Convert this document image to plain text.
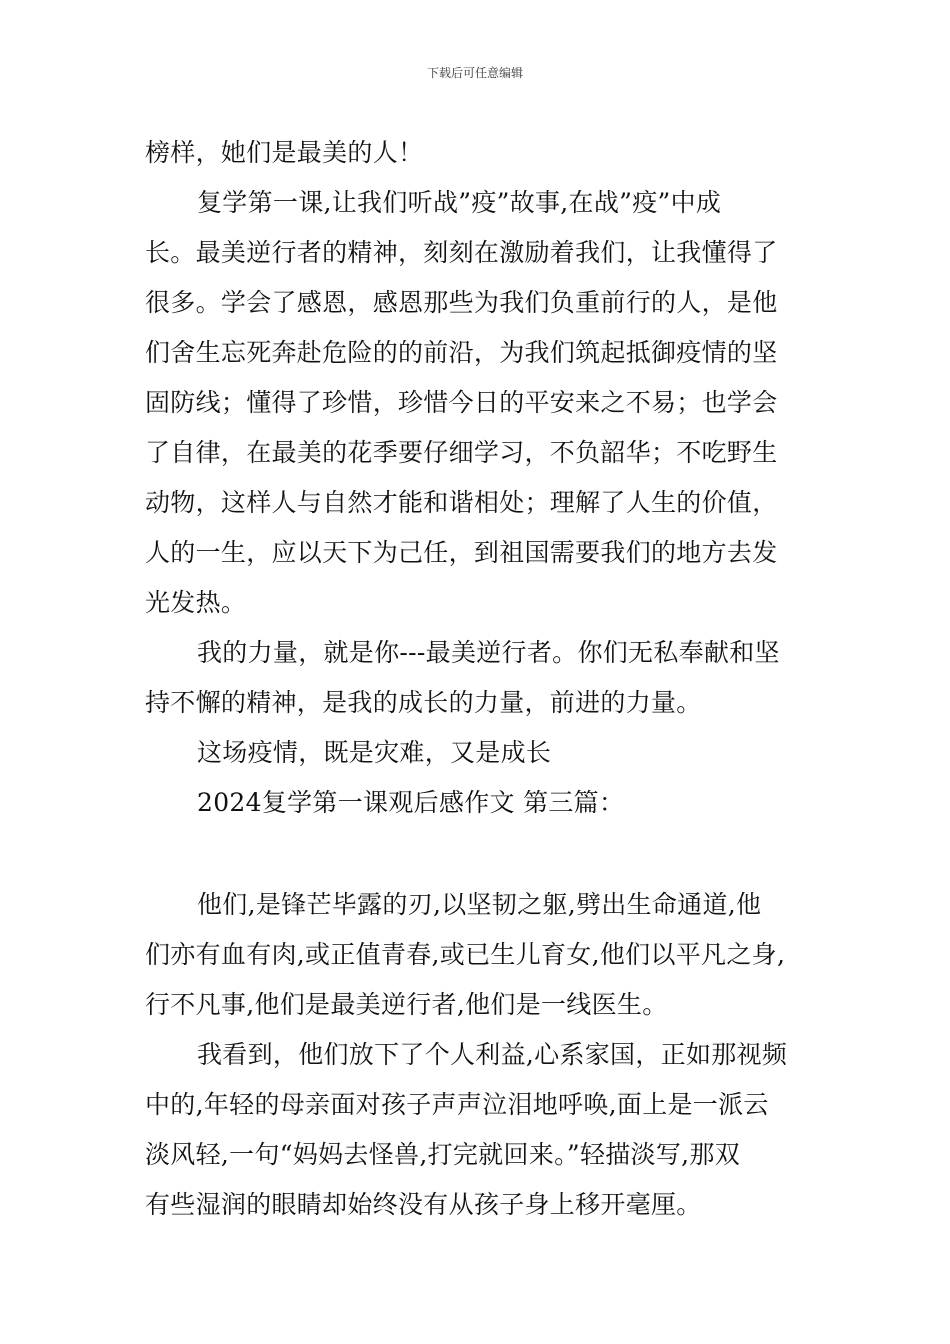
下载后可任意编辑
榜样，她们是最美的人！
复学第一课,让我们听战”疫”故事,在战”疫”中成
长。最美逆行者的精神，刻刻在激励着我们，让我懂得了
很多。学会了感恩，感恩那些为我们负重前行的人，是他
们舍生忘死奔赴危险的的前沿，为我们筑起抵御疫情的坚
固防线；懂得了珍惜，珍惜今日的平安来之不易；也学会
了自律，在最美的花季要仔细学习，不负韶华；不吃野生
动物，这样人与自然才能和谐相处；理解了人生的价值，
人的一生，应以天下为己任，到祖国需要我们的地方去发
光发热。
我的力量，就是你---最美逆行者。你们无私奉献和坚
持不懈的精神，是我的成长的力量，前进的力量。
这场疫情，既是灾难，又是成长
2024复学第一课观后感作文 第三篇：
他们,是锋芒毕露的刃,以坚韧之躯,劈出生命通道,他
们亦有血有肉,或正值青春,或已生儿育女,他们以平凡之身,
行不凡事,他们是最美逆行者,他们是一线医生。
我看到，他们放下了个人利益,心系家国，正如那视频
中的,年轻的母亲面对孩子声声泣泪地呼唤,面上是一派云
淡风轻,一句“妈妈去怪兽,打完就回来。”轻描淡写,那双
有些湿润的眼睛却始终没有从孩子身上移开毫厘。
